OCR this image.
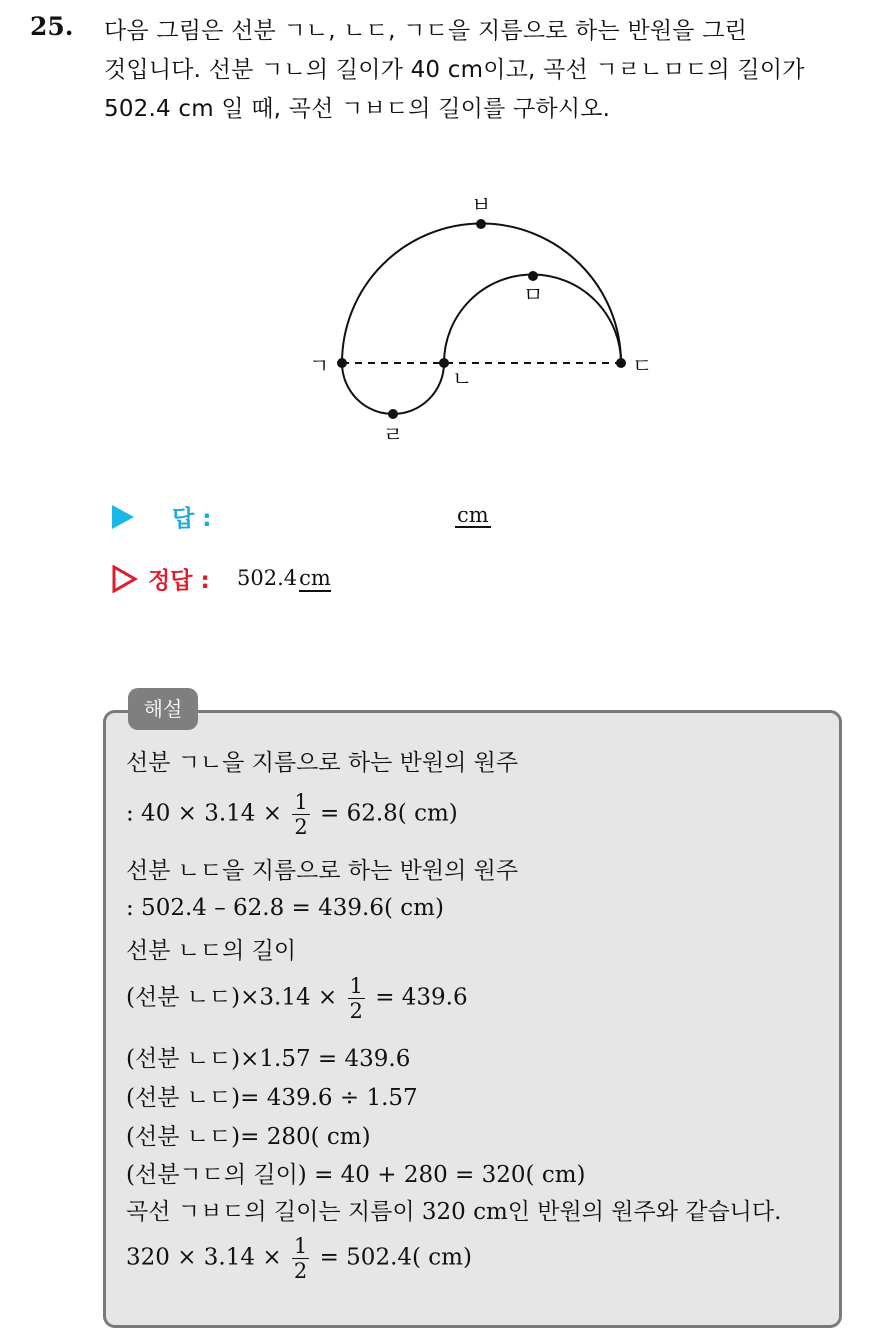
25. 다음 그림은 선분 ㄱㄴ, ㄴㄷ, ㄱㄷ을 지름으로 하는 반원을 그린
것입니다. 선분 ㄱㄴ의 길이가 40 cm이고, 곡선 ㄱㄹㄴㅁㄷ의 길이가
502.4 cm 일 때, 곡선 ㄱㅂㄷ의 길이를 구하시오.
ㄱ
ㄴ
ㄷ
ㄹ
ㅁ
ㅂ
답 :	cm
정답 : 502.4cm
해설
선분 ㄱㄴ을 지름으로 하는 반원의 원주
: $40 \times 3.14 \times \frac{1}{2} = 62.8$( cm)
선분 ㄴㄷ을 지름으로 하는 반원의 원주
: 502.4 – 62.8 = 439.6( cm)
선분 ㄴㄷ의 길이
(선분 ㄴㄷ)$\times 3.14 \times \frac{1}{2} = 439.6$
(선분 ㄴㄷ)×1.57 = 439.6
(선분 ㄴㄷ)= 439.6 ÷ 1.57
(선분 ㄴㄷ)= 280( cm)
(선분ㄱㄷ의 길이) = 40 + 280 = 320( cm)
곡선 ㄱㅂㄷ의 길이는 지름이 320 cm인 반원의 원주와 같습니다.
$320 \times 3.14 \times \frac{1}{2} = 502.4$( cm)
